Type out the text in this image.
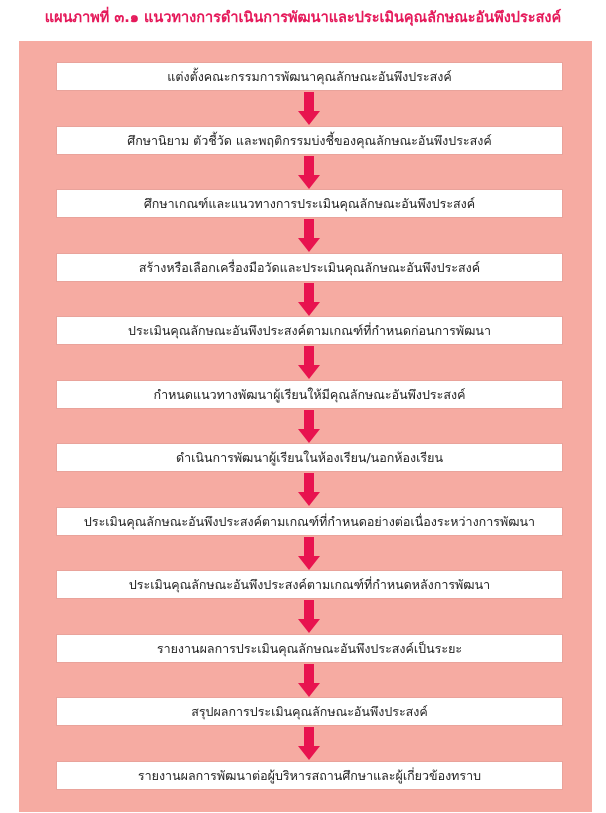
แผนภาพที่ ๓.๑ แนวทางการดำเนินการพัฒนาและประเมินคุณลักษณะอันพึงประสงค์
แต่งตั้งคณะกรรมการพัฒนาคุณลักษณะอันพึงประสงค์
ศึกษานิยาม ตัวชี้วัด และพฤติกรรมบ่งชี้ของคุณลักษณะอันพึงประสงค์
ศึกษาเกณฑ์และแนวทางการประเมินคุณลักษณะอันพึงประสงค์
สร้างหรือเลือกเครื่องมือวัดและประเมินคุณลักษณะอันพึงประสงค์
ประเมินคุณลักษณะอันพึงประสงค์ตามเกณฑ์ที่กำหนดก่อนการพัฒนา
กำหนดแนวทางพัฒนาผู้เรียนให้มีคุณลักษณะอันพึงประสงค์
ดำเนินการพัฒนาผู้เรียนในห้องเรียน/นอกห้องเรียน
ประเมินคุณลักษณะอันพึงประสงค์ตามเกณฑ์ที่กำหนดอย่างต่อเนื่องระหว่างการพัฒนา
ประเมินคุณลักษณะอันพึงประสงค์ตามเกณฑ์ที่กำหนดหลังการพัฒนา
รายงานผลการประเมินคุณลักษณะอันพึงประสงค์เป็นระยะ
สรุปผลการประเมินคุณลักษณะอันพึงประสงค์
รายงานผลการพัฒนาต่อผู้บริหารสถานศึกษาและผู้เกี่ยวข้องทราบ
